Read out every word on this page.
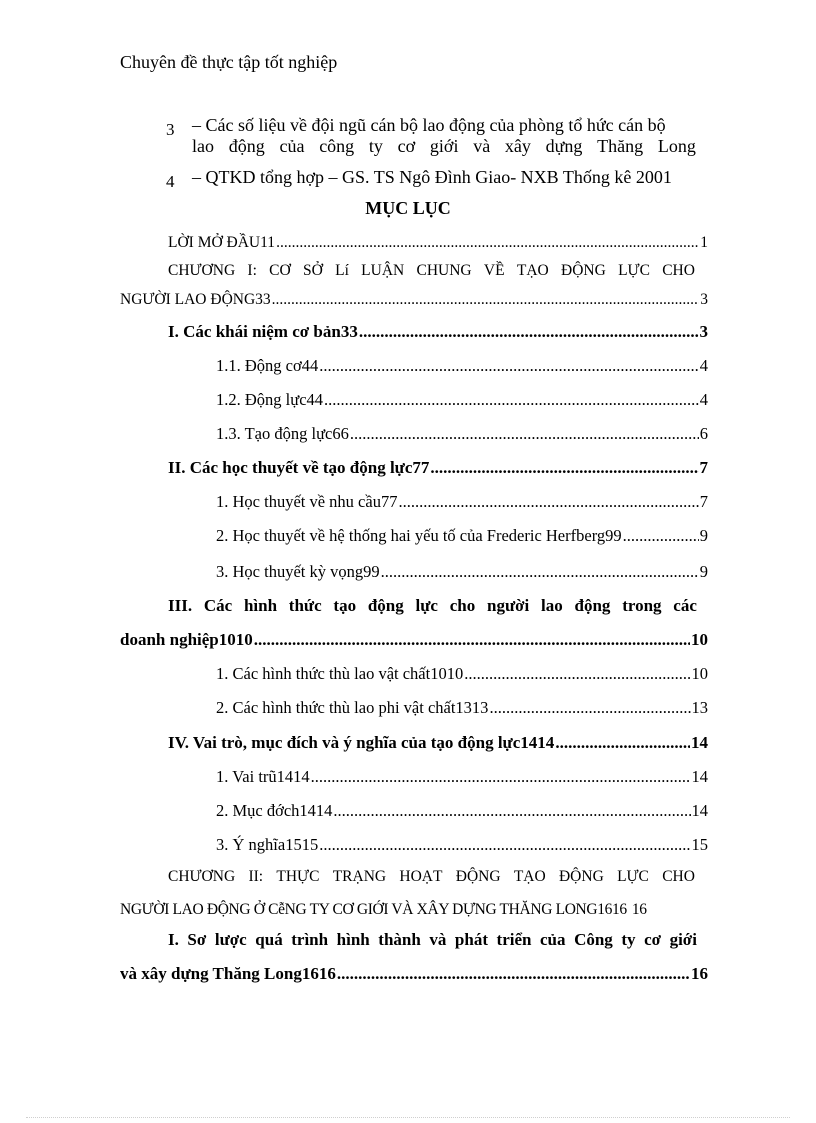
Chuyên đề thực tập tốt nghiệp
3 – Các số liệu về đội ngũ cán bộ lao động của phòng tổ hức cán bộ
lao động của công ty cơ giới và xây dựng Thăng Long
4 – QTKD tổng hợp – GS. TS Ngô Đình Giao- NXB Thống kê 2001
MỤC LỤC
LỜI MỞ ĐẦU11 .....	1
CHƯƠNG I: CƠ SỞ Lí LUẬN CHUNG VỀ TẠO ĐỘNG LỰC CHO
NGƯỜI LAO ĐỘNG33 .....	3
I. Các khái niệm cơ bản33 .....	3
1.1. Động cơ44 .....	4
1.2. Động lực44 .....	4
1.3. Tạo động lực66 .....	6
II. Các học thuyết về tạo động lực77 .....	7
1. Học thuyết về nhu cầu77 .....	7
2. Học thuyết về hệ thống hai yếu tố của Frederic Herfberg99 .....	9
3. Học thuyết kỳ vọng99 .....	9
III. Các hình thức tạo động lực cho người lao động trong các
doanh nghiệp1010 .....	10
1. Các hình thức thù lao vật chất1010 .....	10
2. Các hình thức thù lao phi vật chất1313 .....	13
IV. Vai trò, mục đích và ý nghĩa của tạo động lực1414 .....	14
1. Vai trũ1414 .....	14
2. Mục đớch1414 .....	14
3. Ý nghĩa1515 .....	15
CHƯƠNG II: THỰC TRẠNG HOẠT ĐỘNG TẠO ĐỘNG LỰC CHO
NGƯỜI LAO ĐỘNG Ở CễNG TY CƠ GIỚI VÀ XÂY DỰNG THĂNG LONG1616 16
I. Sơ lược quá trình hình thành và phát triển của Công ty cơ giới
và xây dựng Thăng Long1616 .....	16
